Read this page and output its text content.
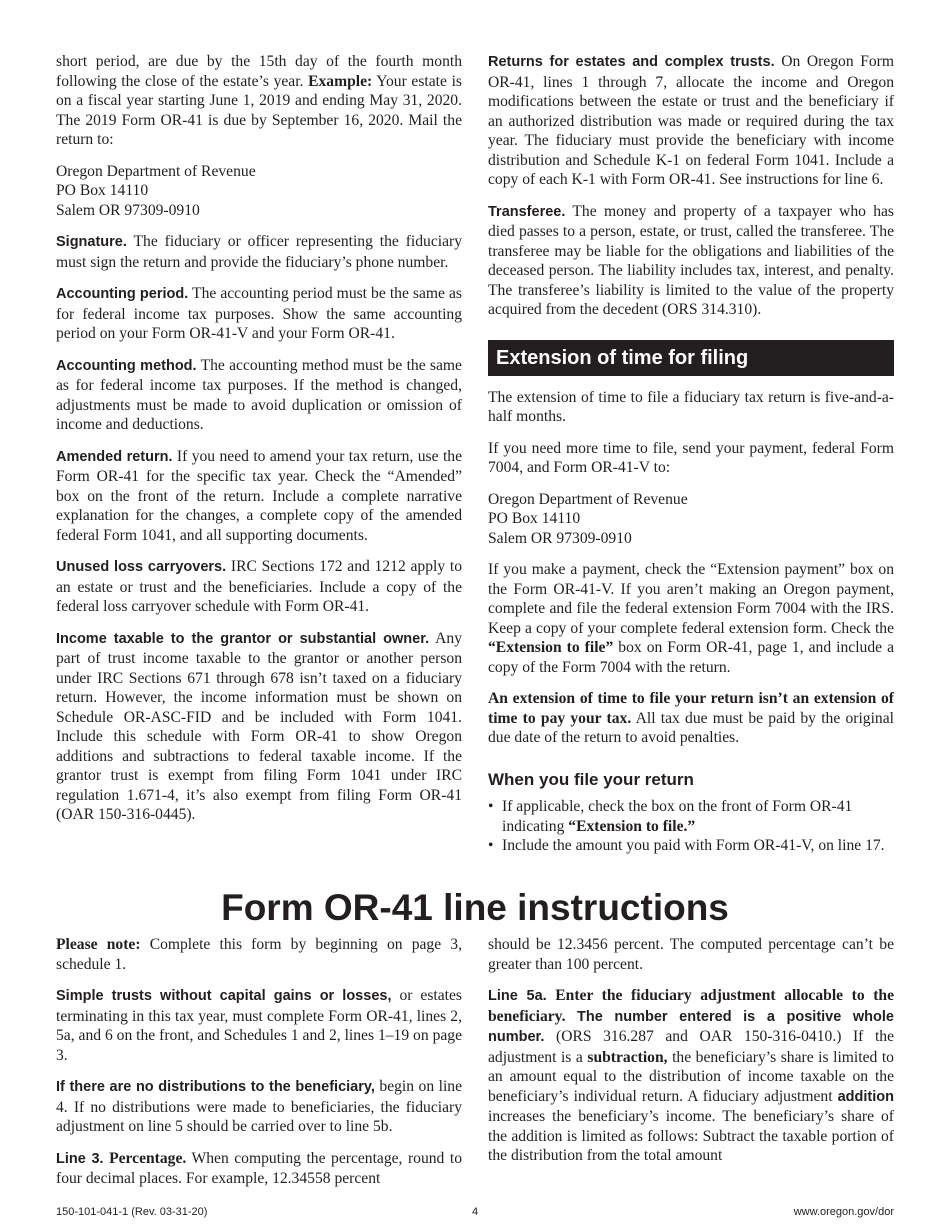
short period, are due by the 15th day of the fourth month following the close of the estate’s year. Example: Your estate is on a fiscal year starting June 1, 2019 and ending May 31, 2020. The 2019 Form OR-41 is due by September 16, 2020. Mail the return to:

Oregon Department of Revenue
PO Box 14110
Salem OR 97309-0910

Signature. The fiduciary or officer representing the fiduciary must sign the return and provide the fiduciary’s phone number.

Accounting period. The accounting period must be the same as for federal income tax purposes. Show the same accounting period on your Form OR-41-V and your Form OR-41.

Accounting method. The accounting method must be the same as for federal income tax purposes. If the method is changed, adjustments must be made to avoid duplication or omission of income and deductions.

Amended return. If you need to amend your tax return, use the Form OR-41 for the specific tax year. Check the “Amended” box on the front of the return. Include a complete narrative explanation for the changes, a complete copy of the amended federal Form 1041, and all supporting documents.

Unused loss carryovers. IRC Sections 172 and 1212 apply to an estate or trust and the beneficiaries. Include a copy of the federal loss carryover schedule with Form OR-41.

Income taxable to the grantor or substantial owner. Any part of trust income taxable to the grantor or another person under IRC Sections 671 through 678 isn’t taxed on a fiduciary return. However, the income information must be shown on Schedule OR-ASC-FID and be included with Form 1041. Include this schedule with Form OR-41 to show Oregon additions and subtractions to federal taxable income. If the grantor trust is exempt from filing Form 1041 under IRC regulation 1.671-4, it’s also exempt from filing Form OR-41 (OAR 150-316-0445).

Returns for estates and complex trusts. On Oregon Form OR-41, lines 1 through 7, allocate the income and Oregon modifications between the estate or trust and the beneficiary if an authorized distribution was made or required during the tax year. The fiduciary must provide the beneficiary with income distribution and Schedule K-1 on federal Form 1041. Include a copy of each K-1 with Form OR-41. See instructions for line 6.

Transferee. The money and property of a taxpayer who has died passes to a person, estate, or trust, called the transferee. The transferee may be liable for the obligations and liabilities of the deceased person. The liability includes tax, interest, and penalty. The transferee’s liability is limited to the value of the property acquired from the decedent (ORS 314.310).

Extension of time for filing

The extension of time to file a fiduciary tax return is five-and-a-half months.

If you need more time to file, send your payment, federal Form 7004, and Form OR-41-V to:

Oregon Department of Revenue
PO Box 14110
Salem OR 97309-0910

If you make a payment, check the “Extension payment” box on the Form OR-41-V. If you aren’t making an Oregon payment, complete and file the federal extension Form 7004 with the IRS. Keep a copy of your complete federal extension form. Check the “Extension to file” box on Form OR-41, page 1, and include a copy of the Form 7004 with the return.

An extension of time to file your return isn’t an extension of time to pay your tax. All tax due must be paid by the original due date of the return to avoid penalties.

When you file your return
• If applicable, check the box on the front of Form OR-41 indicating “Extension to file.”
• Include the amount you paid with Form OR-41-V, on line 17.
Form OR-41 line instructions

Please note: Complete this form by beginning on page 3, schedule 1.

Simple trusts without capital gains or losses, or estates terminating in this tax year, must complete Form OR-41, lines 2, 5a, and 6 on the front, and Schedules 1 and 2, lines 1–19 on page 3.

If there are no distributions to the beneficiary, begin on line 4. If no distributions were made to beneficiaries, the fiduciary adjustment on line 5 should be carried over to line 5b.

Line 3. Percentage. When computing the percentage, round to four decimal places. For example, 12.34558 percent

should be 12.3456 percent. The computed percentage can’t be greater than 100 percent.

Line 5a. Enter the fiduciary adjustment allocable to the beneficiary. The number entered is a positive whole number. (ORS 316.287 and OAR 150-316-0410.) If the adjustment is a subtraction, the beneficiary’s share is limited to an amount equal to the distribution of income taxable on the beneficiary’s individual return. A fiduciary adjustment addition increases the beneficiary’s income. The beneficiary’s share of the addition is limited as follows: Subtract the taxable portion of the distribution from the total amount

150-101-041-1 (Rev. 03-31-20)	4	www.oregon.gov/dor
